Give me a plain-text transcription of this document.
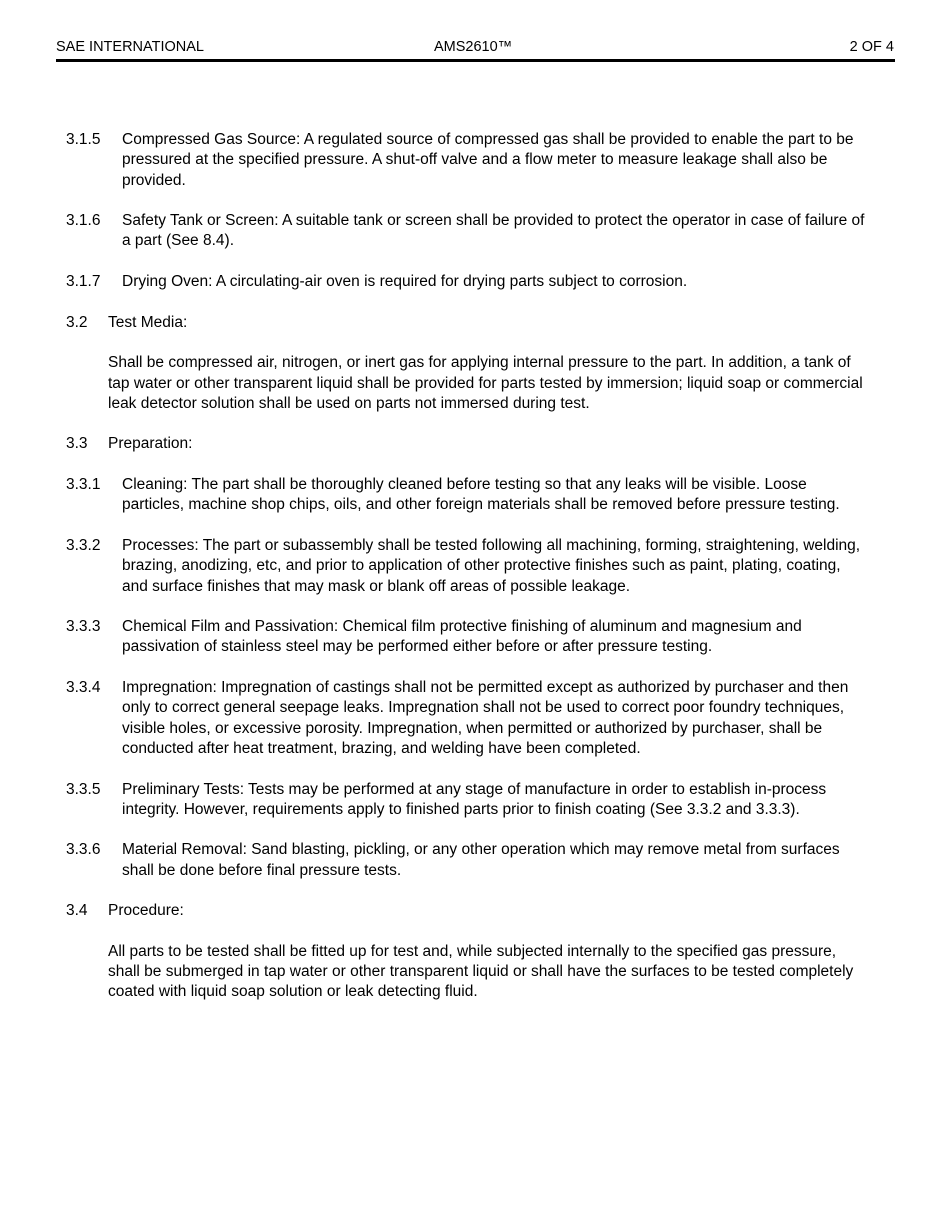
SAE INTERNATIONAL	AMS2610™	2 OF 4
3.1.5	Compressed Gas Source: A regulated source of compressed gas shall be provided to enable the part to be pressured at the specified pressure. A shut-off valve and a flow meter to measure leakage shall also be provided.
3.1.6	Safety Tank or Screen: A suitable tank or screen shall be provided to protect the operator in case of failure of a part (See 8.4).
3.1.7	Drying Oven: A circulating-air oven is required for drying parts subject to corrosion.
3.2	Test Media:
Shall be compressed air, nitrogen, or inert gas for applying internal pressure to the part. In addition, a tank of tap water or other transparent liquid shall be provided for parts tested by immersion; liquid soap or commercial leak detector solution shall be used on parts not immersed during test.
3.3	Preparation:
3.3.1	Cleaning: The part shall be thoroughly cleaned before testing so that any leaks will be visible. Loose particles, machine shop chips, oils, and other foreign materials shall be removed before pressure testing.
3.3.2	Processes: The part or subassembly shall be tested following all machining, forming, straightening, welding, brazing, anodizing, etc, and prior to application of other protective finishes such as paint, plating, coating, and surface finishes that may mask or blank off areas of possible leakage.
3.3.3	Chemical Film and Passivation: Chemical film protective finishing of aluminum and magnesium and passivation of stainless steel may be performed either before or after pressure testing.
3.3.4	Impregnation: Impregnation of castings shall not be permitted except as authorized by purchaser and then only to correct general seepage leaks. Impregnation shall not be used to correct poor foundry techniques, visible holes, or excessive porosity. Impregnation, when permitted or authorized by purchaser, shall be conducted after heat treatment, brazing, and welding have been completed.
3.3.5	Preliminary Tests: Tests may be performed at any stage of manufacture in order to establish in-process integrity. However, requirements apply to finished parts prior to finish coating (See 3.3.2 and 3.3.3).
3.3.6	Material Removal: Sand blasting, pickling, or any other operation which may remove metal from surfaces shall be done before final pressure tests.
3.4	Procedure:
All parts to be tested shall be fitted up for test and, while subjected internally to the specified gas pressure, shall be submerged in tap water or other transparent liquid or shall have the surfaces to be tested completely coated with liquid soap solution or leak detecting fluid.
